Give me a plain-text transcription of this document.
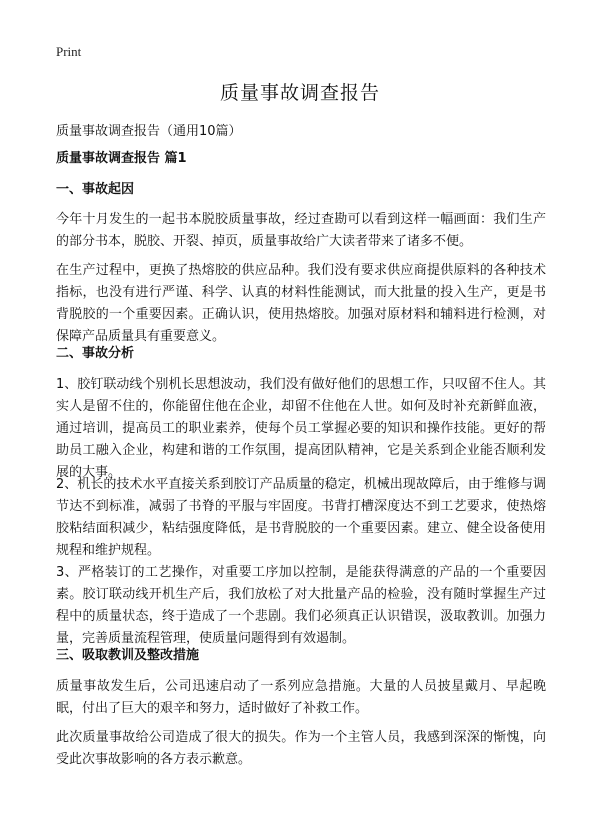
Print
质量事故调查报告

质量事故调查报告（通用10篇）

质量事故调查报告 篇1

一、事故起因

今年十月发生的一起书本脱胶质量事故，经过查勘可以看到这样一幅画面：我们生产的部分书本，脱胶、开裂、掉页，质量事故给广大读者带来了诸多不便。

在生产过程中，更换了热熔胶的供应品种。我们没有要求供应商提供原料的各种技术指标，也没有进行严谨、科学、认真的材料性能测试，而大批量的投入生产，更是书背脱胶的一个重要因素。正确认识，使用热熔胶。加强对原材料和辅料进行检测，对保障产品质量具有重要意义。

二、事故分析

1、胶钉联动线个别机长思想波动，我们没有做好他们的思想工作，只叹留不住人。其实人是留不住的，你能留住他在企业，却留不住他在人世。如何及时补充新鲜血液，通过培训，提高员工的职业素养，使每个员工掌握必要的知识和操作技能。更好的帮助员工融入企业，构建和谐的工作氛围，提高团队精神，它是关系到企业能否顺利发展的大事。

2、机长的技术水平直接关系到胶订产品质量的稳定，机械出现故障后，由于维修与调节达不到标准，减弱了书脊的平服与牢固度。书背打槽深度达不到工艺要求，使热熔胶粘结面积减少，粘结强度降低，是书背脱胶的一个重要因素。建立、健全设备使用规程和维护规程。

3、严格装订的工艺操作，对重要工序加以控制，是能获得满意的产品的一个重要因素。胶订联动线开机生产后，我们放松了对大批量产品的检验，没有随时掌握生产过程中的质量状态，终于造成了一个悲剧。我们必须真正认识错误，汲取教训。加强力量，完善质量流程管理，使质量问题得到有效遏制。

三、吸取教训及整改措施

质量事故发生后，公司迅速启动了一系列应急措施。大量的人员披星戴月、早起晚眠，付出了巨大的艰辛和努力，适时做好了补救工作。

此次质量事故给公司造成了很大的损失。作为一个主管人员，我感到深深的惭愧，向受此次事故影响的各方表示歉意。
